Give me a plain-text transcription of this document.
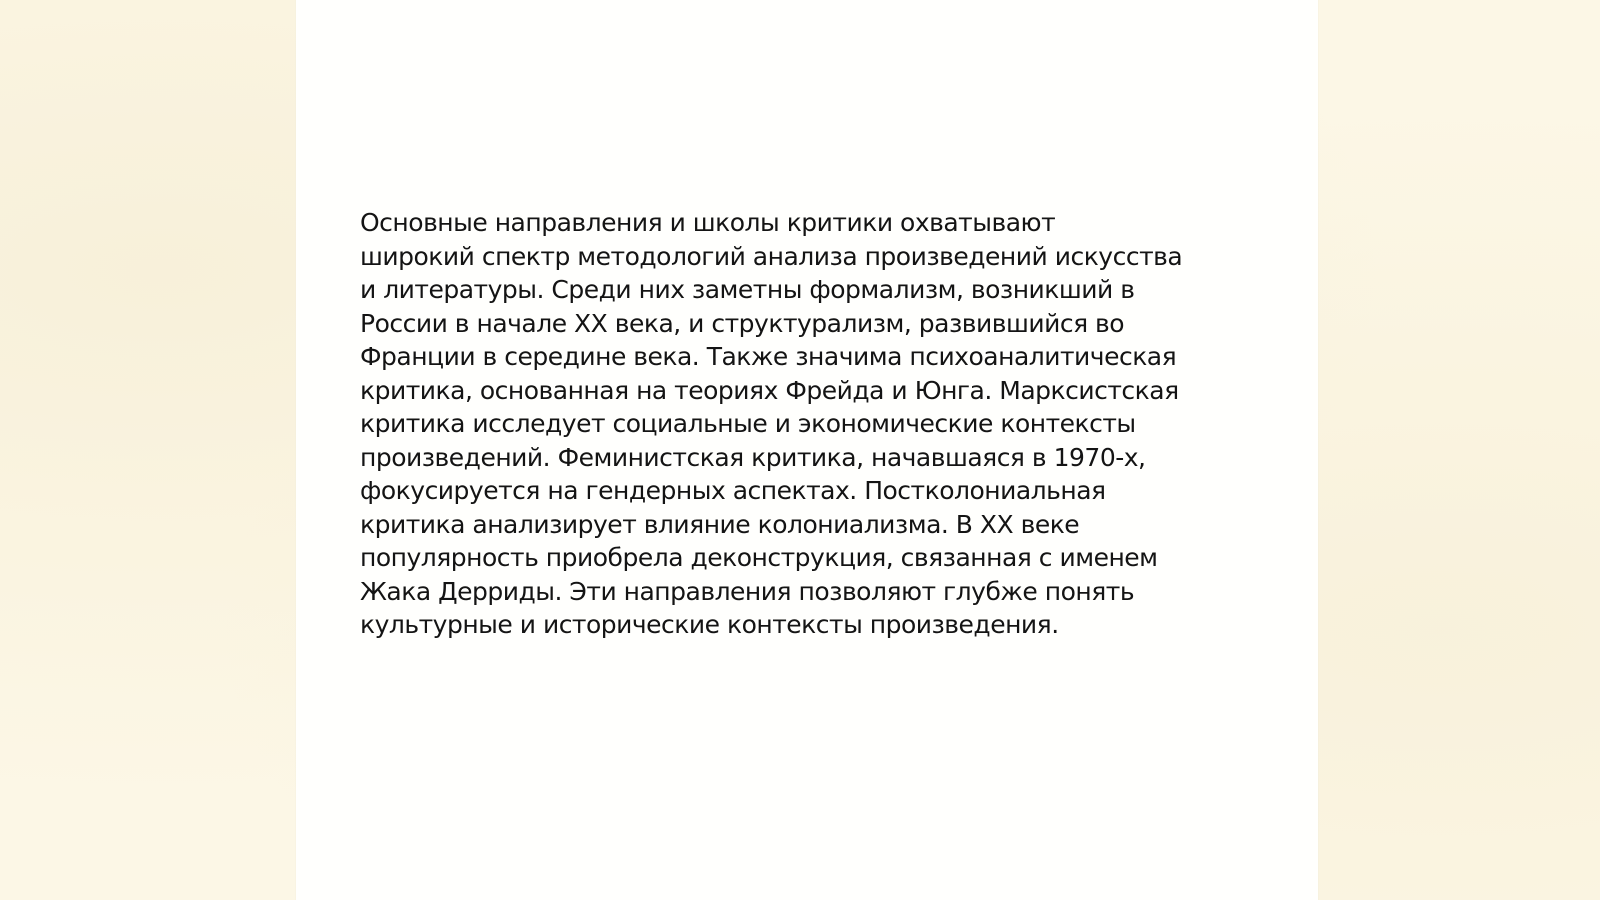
Основные направления и школы критики охватывают
широкий спектр методологий анализа произведений искусства
и литературы. Среди них заметны формализм, возникший в
России в начале XX века, и структурализм, развившийся во
Франции в середине века. Также значима психоаналитическая
критика, основанная на теориях Фрейда и Юнга. Марксистская
критика исследует социальные и экономические контексты
произведений. Феминистская критика, начавшаяся в 1970-х,
фокусируется на гендерных аспектах. Постколониальная
критика анализирует влияние колониализма. В XX веке
популярность приобрела деконструкция, связанная с именем
Жака Дерриды. Эти направления позволяют глубже понять
культурные и исторические контексты произведения.
